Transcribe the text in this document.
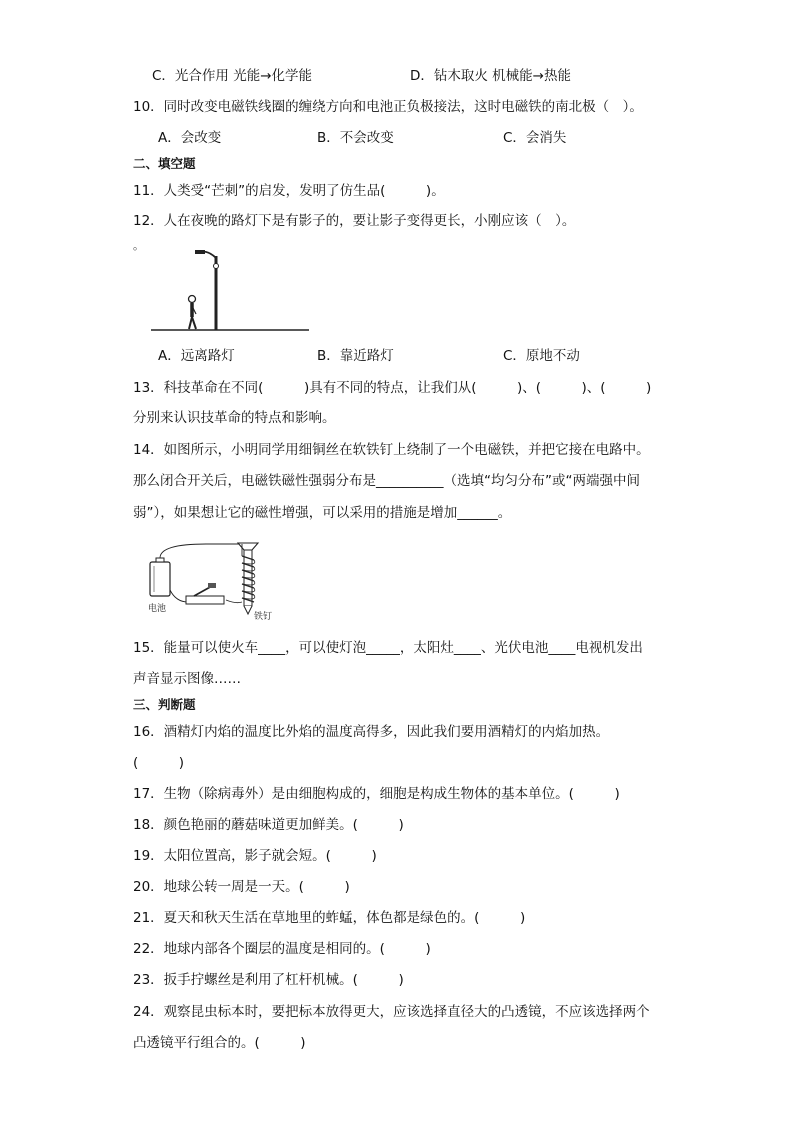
C．光合作用 光能→化学能	D．钻木取火 机械能→热能
10．同时改变电磁铁线圈的缠绕方向和电池正负极接法，这时电磁铁的南北极（　）。
A．会改变	B．不会改变	C．会消失
二、填空题
11．人类受“芒刺”的启发，发明了仿生品(　　　)。
12．人在夜晚的路灯下是有影子的，要让影子变得更长，小刚应该（　）。
。
A．远离路灯	B．靠近路灯	C．原地不动
13．科技革命在不同(　　　)具有不同的特点，让我们从(　　　)、(　　　)、(　　　)
分别来认识技革命的特点和影响。
14．如图所示，小明同学用细铜丝在软铁钉上绕制了一个电磁铁，并把它接在电路中。
那么闭合开关后，电磁铁磁性强弱分布是__________（选填“均匀分布”或“两端强中间
弱”），如果想让它的磁性增强，可以采用的措施是增加______。
电池
铁钉
15．能量可以使火车____，可以使灯泡_____，太阳灶____、光伏电池____电视机发出
声音显示图像……
三、判断题
16．酒精灯内焰的温度比外焰的温度高得多，因此我们要用酒精灯的内焰加热。
(　　　)
17．生物（除病毒外）是由细胞构成的，细胞是构成生物体的基本单位。(　　　)
18．颜色艳丽的蘑菇味道更加鲜美。(　　　)
19．太阳位置高，影子就会短。(　　　)
20．地球公转一周是一天。(　　　)
21．夏天和秋天生活在草地里的蚱蜢，体色都是绿色的。(　　　)
22．地球内部各个圈层的温度是相同的。(　　　)
23．扳手拧螺丝是利用了杠杆机械。(　　　)
24．观察昆虫标本时，要把标本放得更大，应该选择直径大的凸透镜，不应该选择两个
凸透镜平行组合的。(　　　)
